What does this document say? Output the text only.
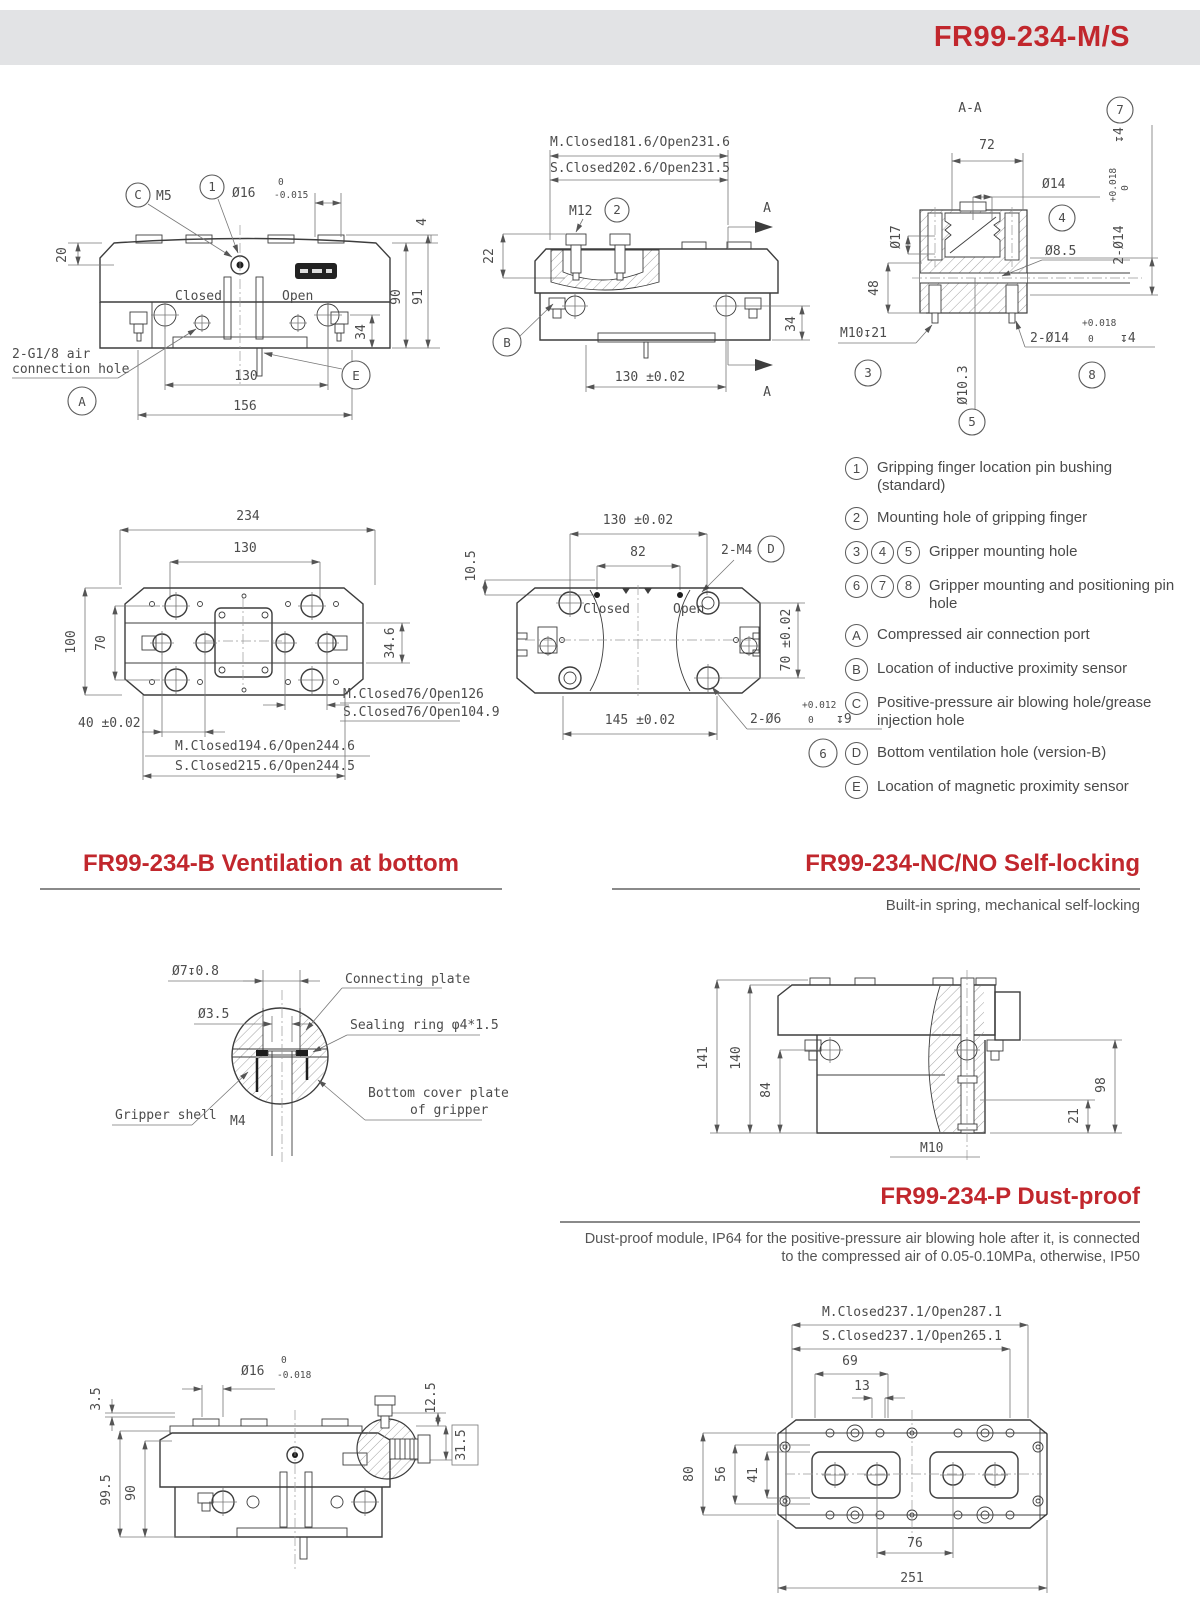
FR99-234-M/S
20
C M5
1 Ø16
0
-0.015
4
90 91
34
Closed	Open
130
156
2-G1/8 air
connection hole
A
E
M.Closed181.6/Open231.6
S.Closed202.6/Open231.5
M12 2
22
B
130 ±0.02
34
A
A
A-A	7
72
Ø14
4
Ø8.5
Ø17
48
↧4
+0.018 0
2-Ø14
M10↧21
3	Ø10.3
5
+0.018
2-Ø14 0 ↧4
8
1	Gripping finger location pin bushing (standard)
2	Mounting hole of gripping finger
3	4	5	Gripper mounting hole
6	7	8	Gripper mounting and positioning pin hole
A	Compressed air connection port
B	Location of inductive proximity sensor
C	Positive-pressure air blowing hole/grease injection hole
D	Bottom ventilation hole (version-B)
E	Location of magnetic proximity sensor
234
130
100 70	34.6
40 ±0.02
M.Closed76/Open126
S.Closed76/Open104.9
M.Closed194.6/Open244.6
S.Closed215.6/Open244.5
130 ±0.02
82
10.5	2-M4 D
Closed	Open	70 ±0.02
145 ±0.02
+0.012
2-Ø6	0 ↧9
6
FR99-234-B Ventilation at bottom	FR99-234-NC/NO Self-locking

Built-in spring, mechanical self-locking

Ø7↧0.8
Ø3.5
Connecting plate
Sealing ring φ4*1.5
Gripper shell M4
Bottom cover plate
of gripper
141 140
84	98
21
M10
FR99-234-P Dust-proof

Dust-proof module, IP64 for the positive-pressure air blowing hole after it, is connected

to the compressed air of 0.05-0.10MPa, otherwise, IP50

Ø16
0
-0.018
3.5	12.5
31.5
99.5 90
M.Closed237.1/Open287.1
S.Closed237.1/Open265.1
69
13
80 56 41
76
251
